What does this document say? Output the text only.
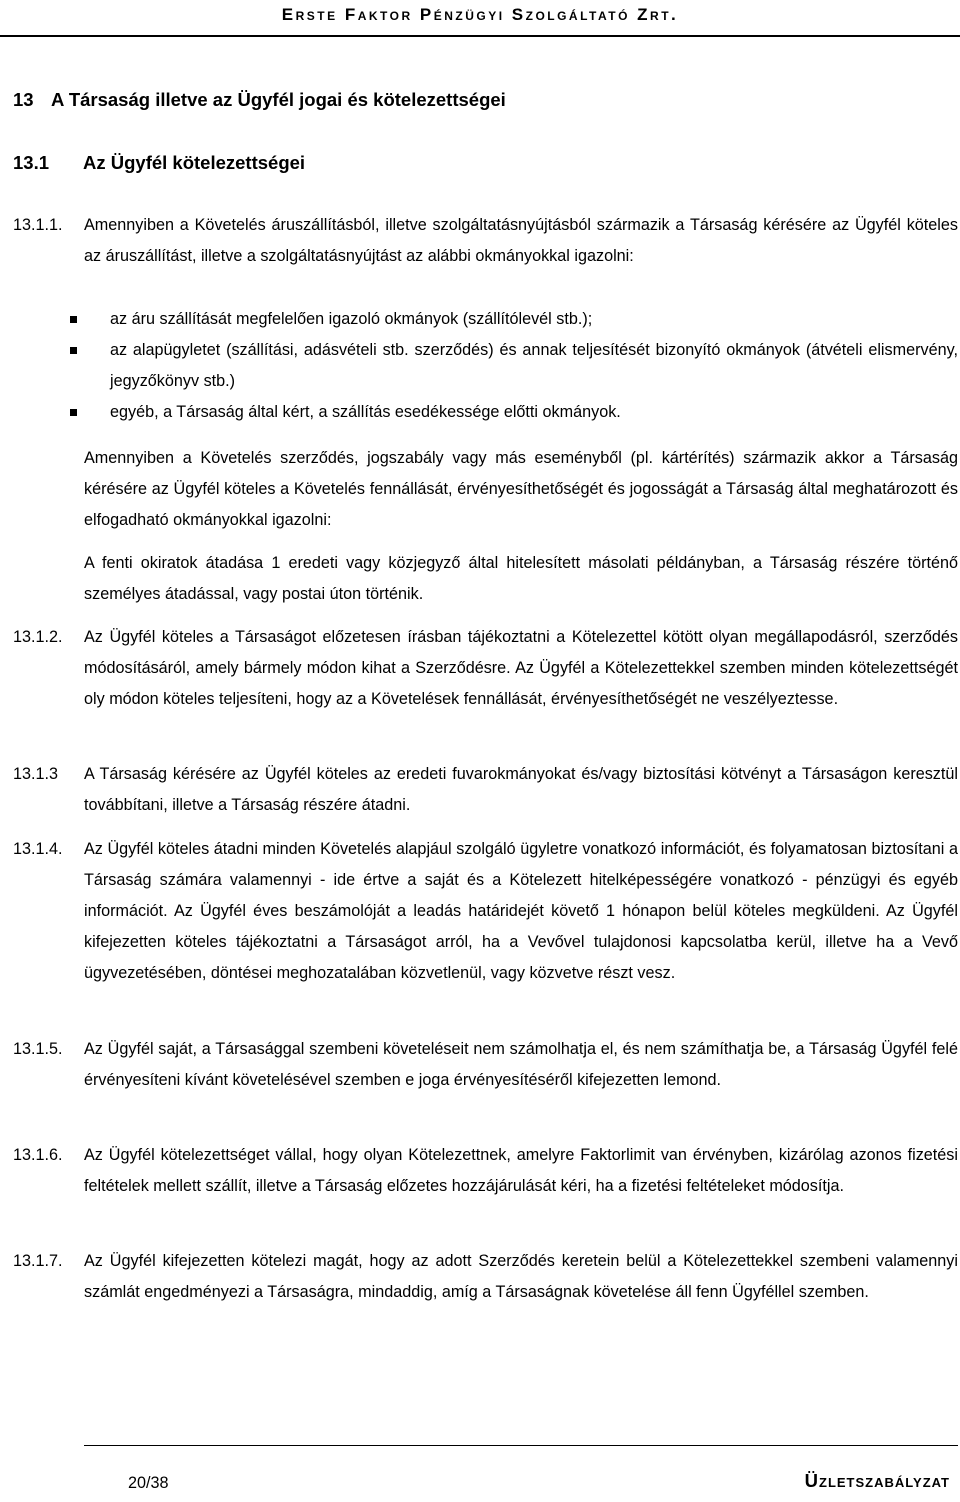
Erste Faktor Pénzügyi Szolgáltató Zrt.
13 A Társaság illetve az Ügyfél jogai és kötelezettségei
13.1 Az Ügyfél kötelezettségei
13.1.1. Amennyiben a Követelés áruszállításból, illetve szolgáltatásnyújtásból származik a Társaság kérésére az Ügyfél köteles az áruszállítást, illetve a szolgáltatásnyújtást az alábbi okmányokkal igazolni:

az áru szállítását megfelelően igazoló okmányok (szállítólevél stb.);
az alapügyletet (szállítási, adásvételi stb. szerződés) és annak teljesítését bizonyító okmányok (átvételi elismervény, jegyzőkönyv stb.)
egyéb, a Társaság által kért, a szállítás esedékessége előtti okmányok.

Amennyiben a Követelés szerződés, jogszabály vagy más eseményből (pl. kártérítés) származik akkor a Társaság kérésére az Ügyfél köteles a Követelés fennállását, érvényesíthetőségét és jogosságát a Társaság által meghatározott és elfogadható okmányokkal igazolni:

A fenti okiratok átadása 1 eredeti vagy közjegyző által hitelesített másolati példányban, a Társaság részére történő személyes átadással, vagy postai úton történik.

13.1.2. Az Ügyfél köteles a Társaságot előzetesen írásban tájékoztatni a Kötelezettel kötött olyan megállapodásról, szerződés módosításáról, amely bármely módon kihat a Szerződésre. Az Ügyfél a Kötelezettekkel szemben minden kötelezettségét oly módon köteles teljesíteni, hogy az a Követelések fennállását, érvényesíthetőségét ne veszélyeztesse.

13.1.3 A Társaság kérésére az Ügyfél köteles az eredeti fuvarokmányokat és/vagy biztosítási kötvényt a Társaságon keresztül továbbítani, illetve a Társaság részére átadni.

13.1.4. Az Ügyfél köteles átadni minden Követelés alapjául szolgáló ügyletre vonatkozó információt, és folyamatosan biztosítani a Társaság számára valamennyi - ide értve a saját és a Kötelezett hitelképességére vonatkozó - pénzügyi és egyéb információt. Az Ügyfél éves beszámolóját a leadás határidejét követő 1 hónapon belül köteles megküldeni. Az Ügyfél kifejezetten köteles tájékoztatni a Társaságot arról, ha a Vevővel tulajdonosi kapcsolatba kerül, illetve ha a Vevő ügyvezetésében, döntései meghozatalában közvetlenül, vagy közvetve részt vesz.

13.1.5. Az Ügyfél saját, a Társasággal szembeni követeléseit nem számolhatja el, és nem számíthatja be, a Társaság Ügyfél felé érvényesíteni kívánt követelésével szemben e joga érvényesítéséről kifejezetten lemond.

13.1.6. Az Ügyfél kötelezettséget vállal, hogy olyan Kötelezettnek, amelyre Faktorlimit van érvényben, kizárólag azonos fizetési feltételek mellett szállít, illetve a Társaság előzetes hozzájárulását kéri, ha a fizetési feltételeket módosítja.

13.1.7. Az Ügyfél kifejezetten kötelezi magát, hogy az adott Szerződés keretein belül a Kötelezettekkel szembeni valamennyi számlát engedményezi a Társaságra, mindaddig, amíg a Társaságnak követelése áll fenn Ügyféllel szemben.

20/38	Üzletszabályzat
